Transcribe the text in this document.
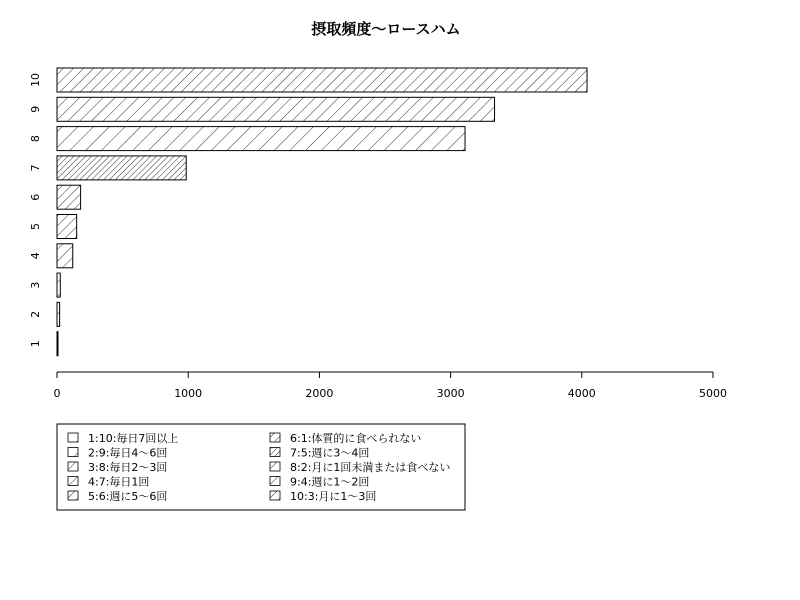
摂取頻度〜ロースハム
1
2
3
4
5
6
7
8
9
10
0	1000	2000	3000	4000	5000
1:10:毎日7回以上
2:9:毎日4〜6回
3:8:毎日2〜3回
4:7:毎日1回
5:6:週に5〜6回
6:1:体質的に食べられない
7:5:週に3〜4回
8:2:月に1回未満または食べない
9:4:週に1〜2回
10:3:月に1〜3回
